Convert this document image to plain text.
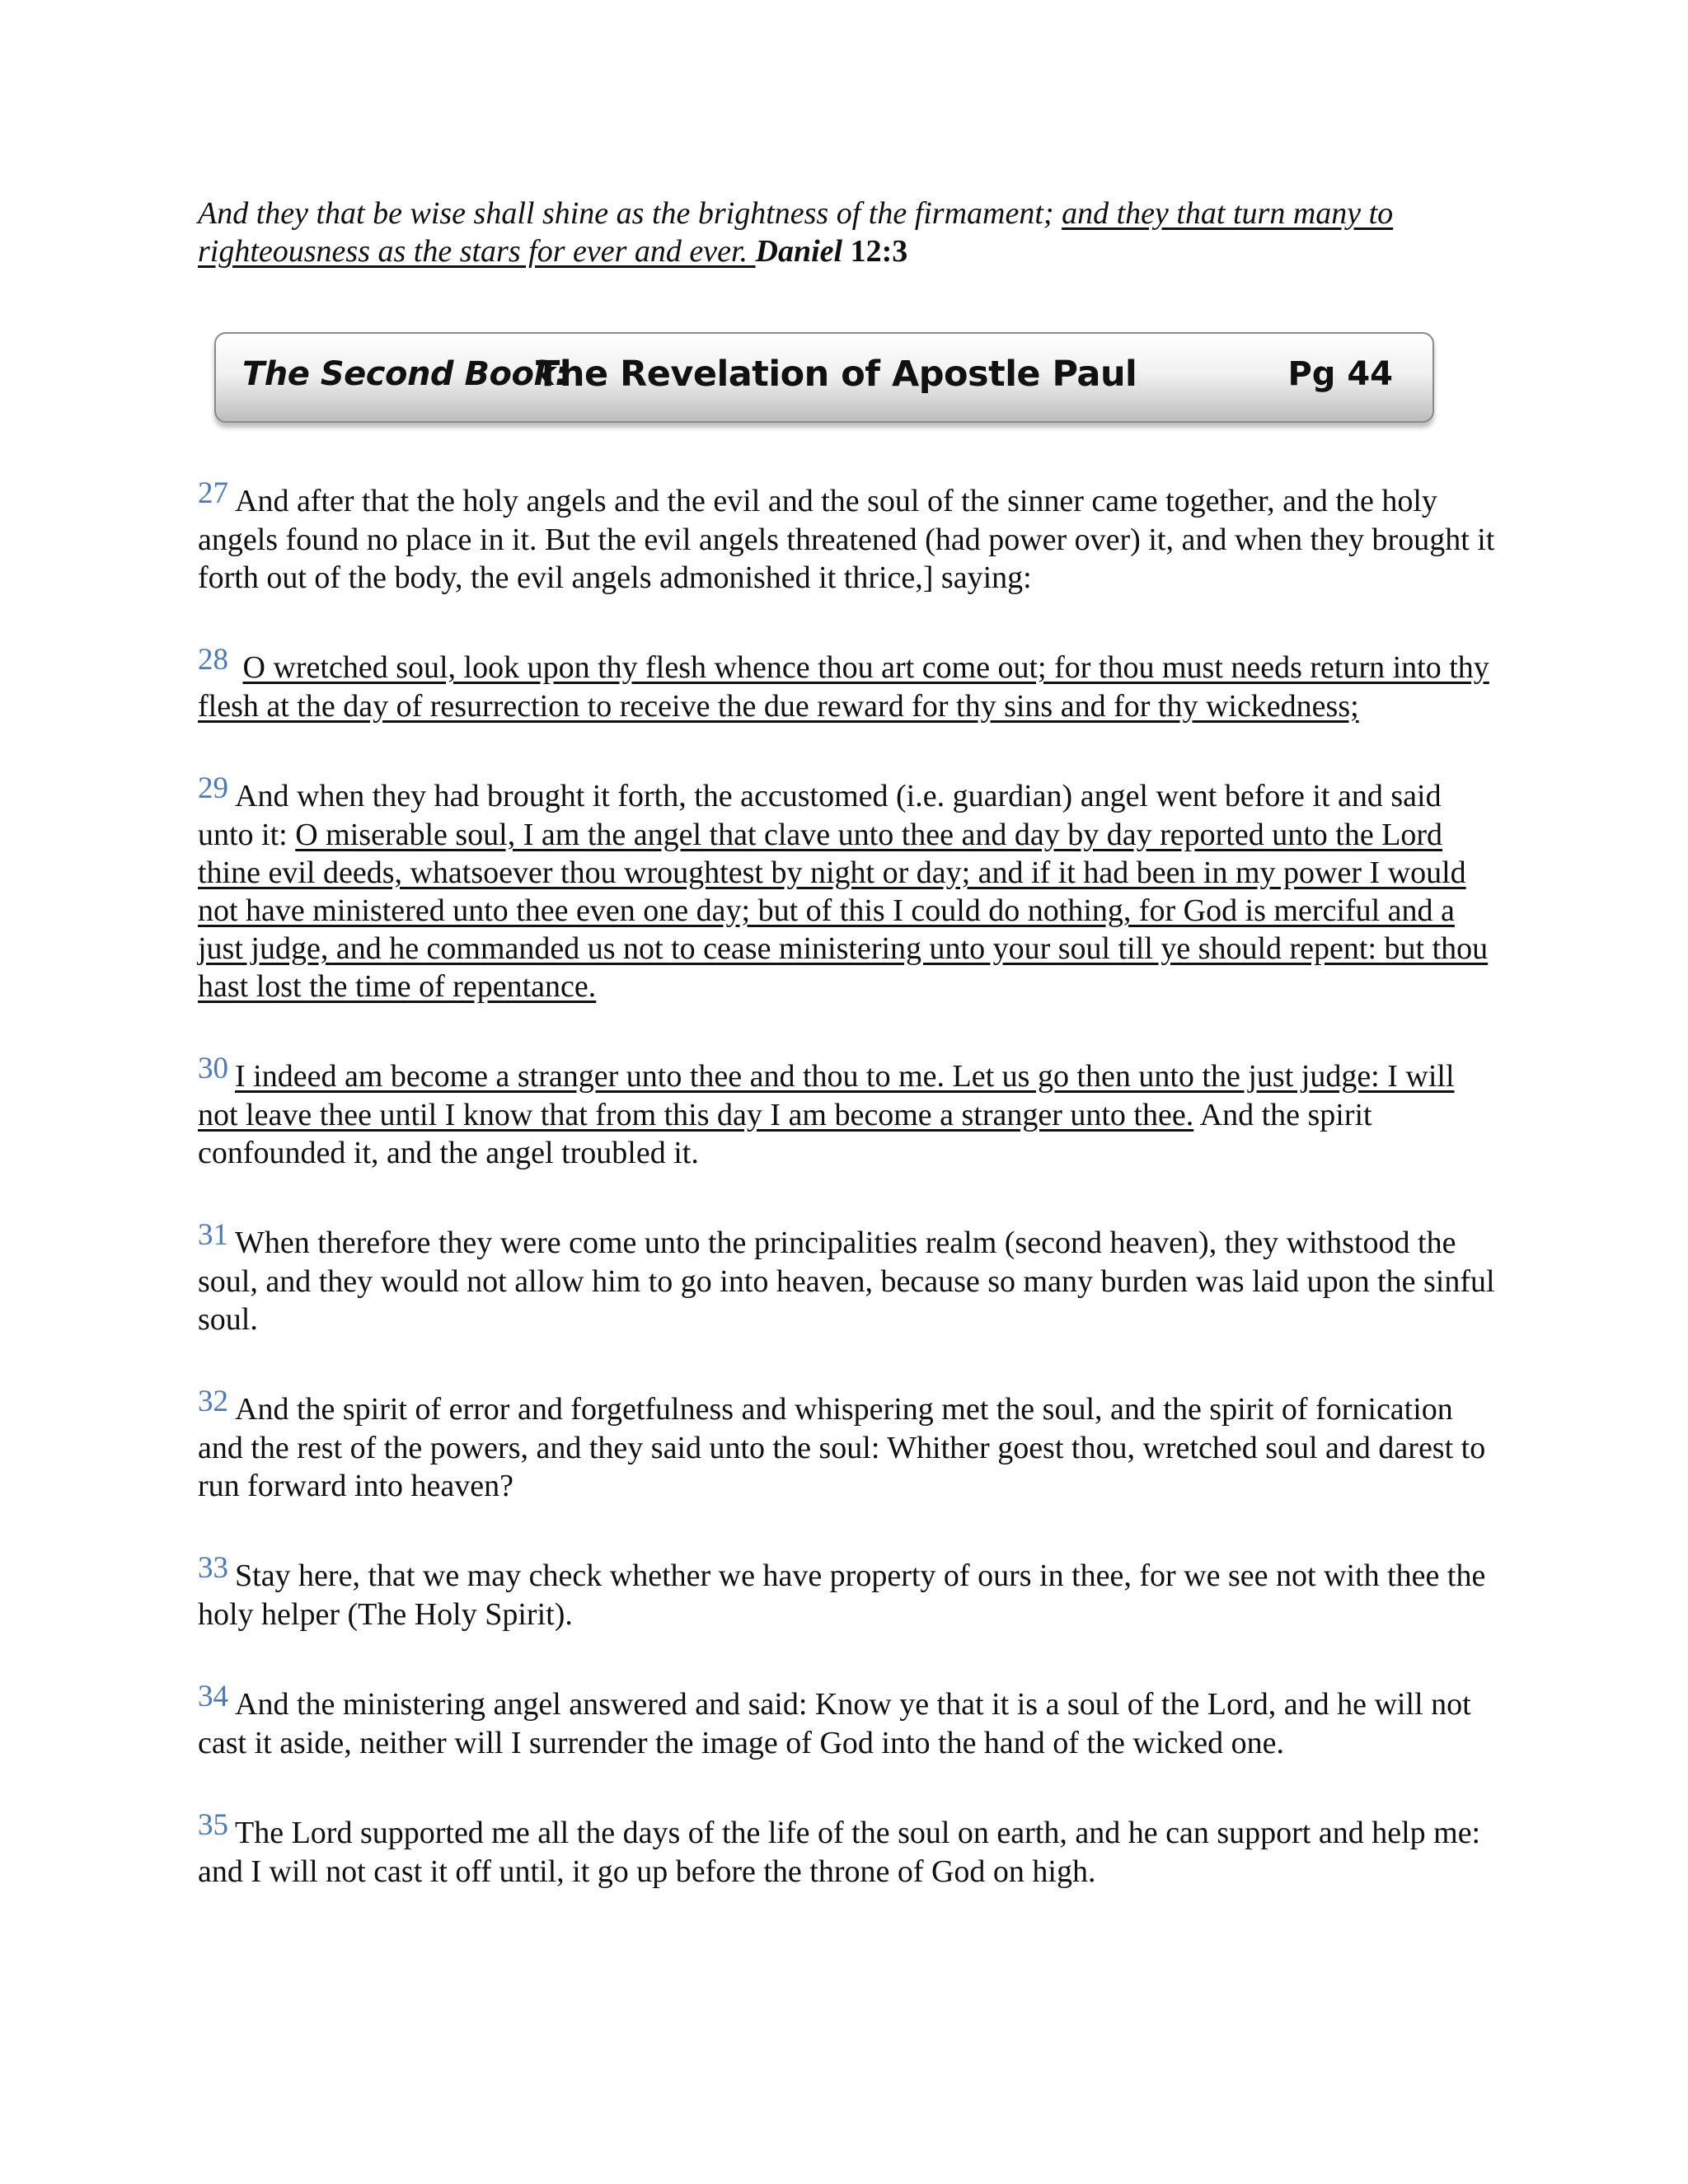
And they that be wise shall shine as the brightness of the firmament; and they that turn many to righteousness as the stars for ever and ever. Daniel 12:3
The Second Book:
The Revelation of Apostle Paul	Pg 44

27 And after that the holy angels and the evil and the soul of the sinner came together, and the holy angels found no place in it. But the evil angels threatened (had power over) it, and when they brought it forth out of the body, the evil angels admonished it thrice,] saying:

28 O wretched soul, look upon thy flesh whence thou art come out; for thou must needs return into thy flesh at the day of resurrection to receive the due reward for thy sins and for thy wickedness;

29 And when they had brought it forth, the accustomed (i.e. guardian) angel went before it and said unto it: O miserable soul, I am the angel that clave unto thee and day by day reported unto the Lord thine evil deeds, whatsoever thou wroughtest by night or day; and if it had been in my power I would not have ministered unto thee even one day; but of this I could do nothing, for God is merciful and a just judge, and he commanded us not to cease ministering unto your soul till ye should repent: but thou hast lost the time of repentance.

30 I indeed am become a stranger unto thee and thou to me. Let us go then unto the just judge: I will not leave thee until I know that from this day I am become a stranger unto thee. And the spirit confounded it, and the angel troubled it.

31 When therefore they were come unto the principalities realm (second heaven), they withstood the soul, and they would not allow him to go into heaven, because so many burden was laid upon the sinful soul.

32 And the spirit of error and forgetfulness and whispering met the soul, and the spirit of fornication and the rest of the powers, and they said unto the soul: Whither goest thou, wretched soul and darest to run forward into heaven?

33 Stay here, that we may check whether we have property of ours in thee, for we see not with thee the holy helper (The Holy Spirit).

34 And the ministering angel answered and said: Know ye that it is a soul of the Lord, and he will not cast it aside, neither will I surrender the image of God into the hand of the wicked one.

35 The Lord supported me all the days of the life of the soul on earth, and he can support and help me: and I will not cast it off until, it go up before the throne of God on high.
